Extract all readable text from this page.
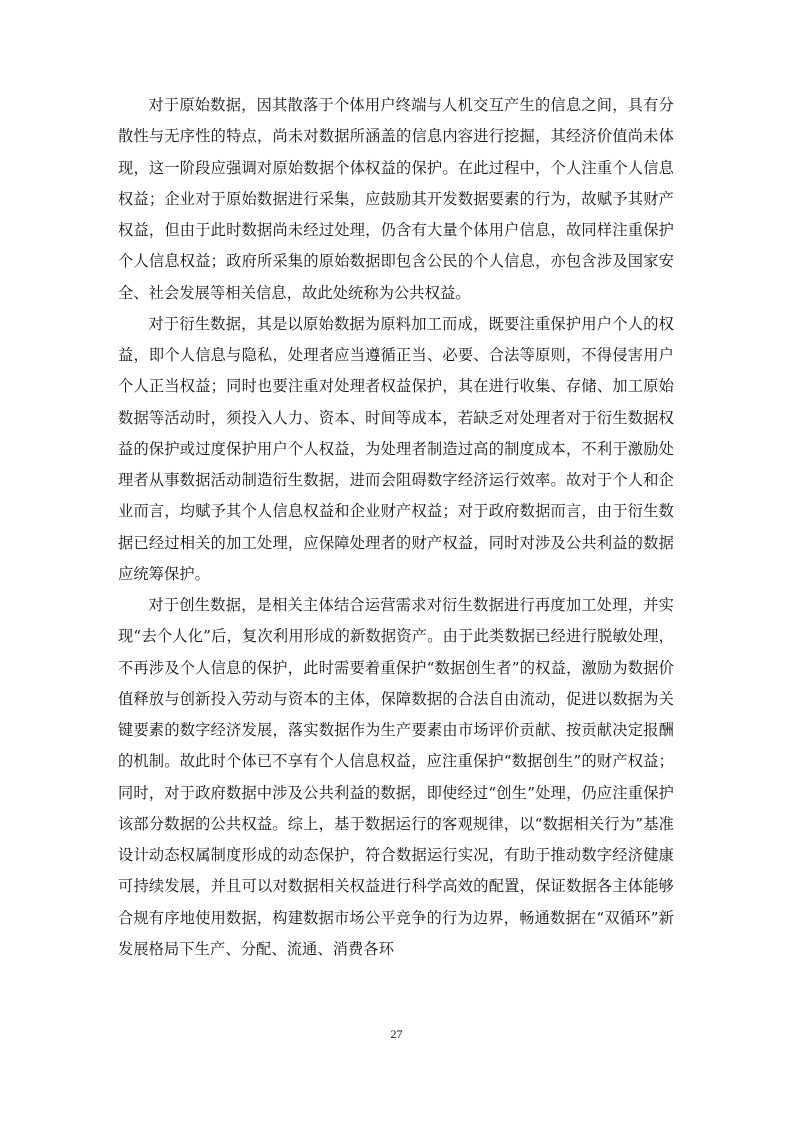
对于原始数据，因其散落于个体用户终端与人机交互产生的信息之间，具有分散性与无序性的特点，尚未对数据所涵盖的信息内容进行挖掘，其经济价值尚未体现，这一阶段应强调对原始数据个体权益的保护。在此过程中，个人注重个人信息权益；企业对于原始数据进行采集，应鼓励其开发数据要素的行为，故赋予其财产权益，但由于此时数据尚未经过处理，仍含有大量个体用户信息，故同样注重保护个人信息权益；政府所采集的原始数据即包含公民的个人信息，亦包含涉及国家安全、社会发展等相关信息，故此处统称为公共权益。

对于衍生数据，其是以原始数据为原料加工而成，既要注重保护用户个人的权益，即个人信息与隐私，处理者应当遵循正当、必要、合法等原则，不得侵害用户个人正当权益；同时也要注重对处理者权益保护，其在进行收集、存储、加工原始数据等活动时，须投入人力、资本、时间等成本，若缺乏对处理者对于衍生数据权益的保护或过度保护用户个人权益，为处理者制造过高的制度成本，不利于激励处理者从事数据活动制造衍生数据，进而会阻碍数字经济运行效率。故对于个人和企业而言，均赋予其个人信息权益和企业财产权益；对于政府数据而言，由于衍生数据已经过相关的加工处理，应保障处理者的财产权益，同时对涉及公共利益的数据应统筹保护。

对于创生数据，是相关主体结合运营需求对衍生数据进行再度加工处理，并实现“去个人化”后，复次利用形成的新数据资产。由于此类数据已经进行脱敏处理，不再涉及个人信息的保护，此时需要着重保护“数据创生者”的权益，激励为数据价值释放与创新投入劳动与资本的主体，保障数据的合法自由流动，促进以数据为关键要素的数字经济发展，落实数据作为生产要素由市场评价贡献、按贡献决定报酬的机制。故此时个体已不享有个人信息权益，应注重保护“数据创生”的财产权益；同时，对于政府数据中涉及公共利益的数据，即使经过“创生”处理，仍应注重保护该部分数据的公共权益。综上，基于数据运行的客观规律，以“数据相关行为”基准设计动态权属制度形成的动态保护，符合数据运行实况，有助于推动数字经济健康可持续发展，并且可以对数据相关权益进行科学高效的配置，保证数据各主体能够合规有序地使用数据，构建数据市场公平竞争的行为边界，畅通数据在“双循环”新发展格局下生产、分配、流通、消费各环

27
